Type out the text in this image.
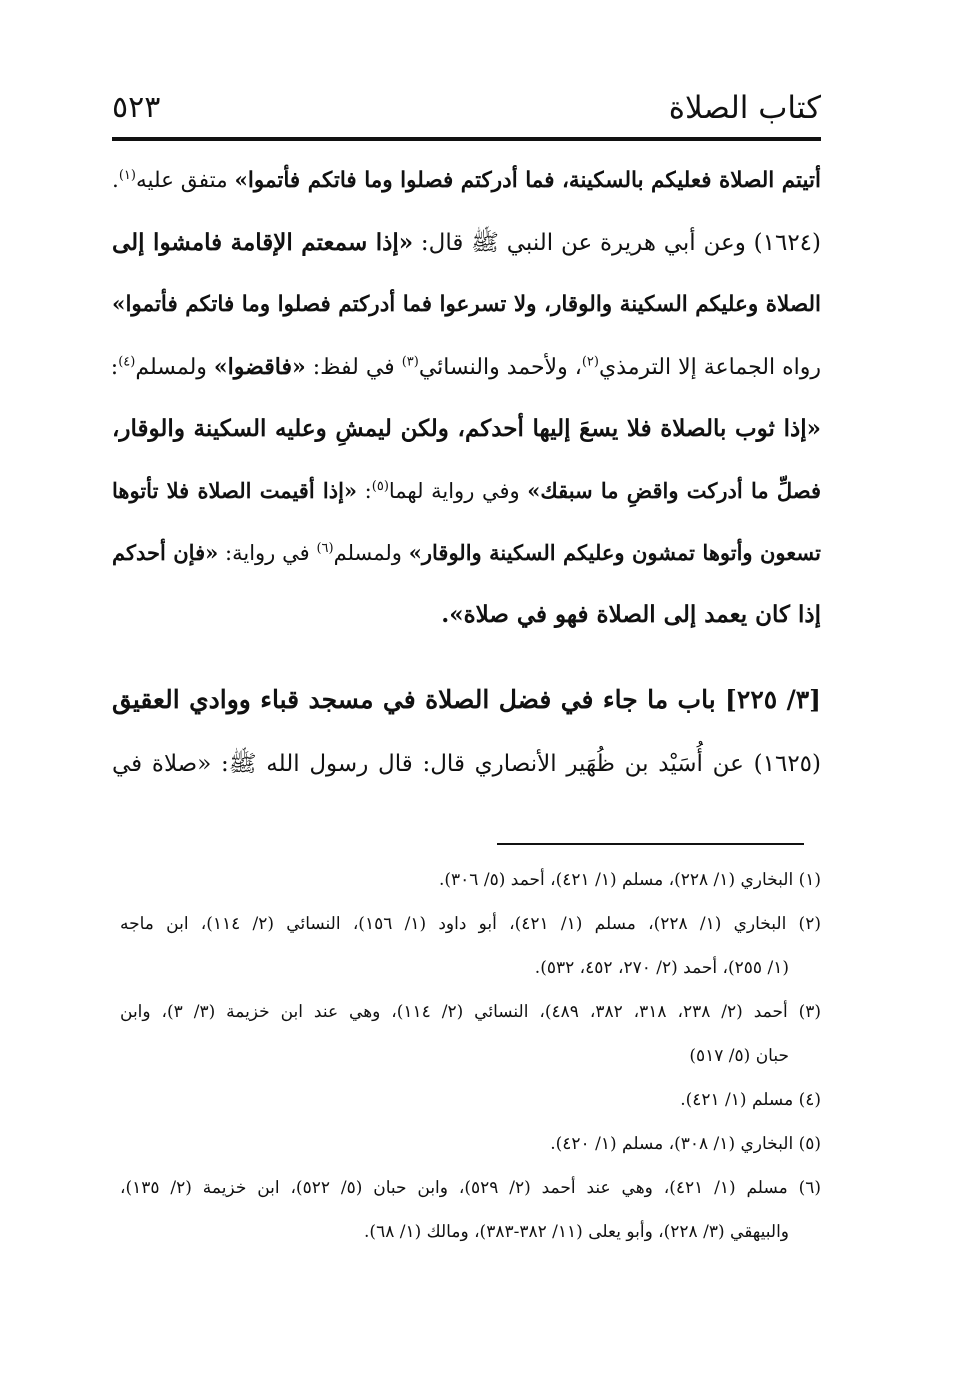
كتاب الصلاة
٥٢٣
أتيتم الصلاة فعليكم بالسكينة، فما أدركتم فصلوا وما فاتكم فأتموا» متفق عليه$^{(١)}$.
(١٦٢٤) وعن أبي هريرة عن النبي ﷺ قال: «إذا سمعتم الإقامة فامشوا إلى
الصلاة وعليكم السكينة والوقار، ولا تسرعوا فما أدركتم فصلوا وما فاتكم فأتموا»
رواه الجماعة إلا الترمذي$^{(٢)}$، ولأحمد والنسائي$^{(٣)}$ في لفظ: «فاقضوا» ولمسلم$^{(٤)}$:
«إذا ثوب بالصلاة فلا يسعَ إليها أحدكم، ولكن ليمشِ وعليه السكينة والوقار،
فصلِّ ما أدركت واقضِ ما سبقك» وفي رواية لهما$^{(٥)}$: «إذا أقيمت الصلاة فلا تأتوها
تسعون وأتوها تمشون وعليكم السكينة والوقار» ولمسلم$^{(٦)}$ في رواية: «فإن أحدكم
إذا كان يعمد إلى الصلاة فهو في صلاة».
[٣/ ٢٢٥] باب ما جاء في فضل الصلاة في مسجد قباء ووادي العقيق
(١٦٢٥) عن أُسَيْد بن ظُهَير الأنصاري قال: قال رسول الله ﷺ: «صلاة في
(١) البخاري (١/ ٢٢٨)، مسلم (١/ ٤٢١)، أحمد (٥/ ٣٠٦).
(٢) البخاري (١/ ٢٢٨)، مسلم (١/ ٤٢١)، أبو داود (١/ ١٥٦)، النسائي (٢/ ١١٤)، ابن ماجه
(١/ ٢٥٥)، أحمد (٢/ ٢٧٠، ٤٥٢، ٥٣٢).
(٣) أحمد (٢/ ٢٣٨، ٣١٨، ٣٨٢، ٤٨٩)، النسائي (٢/ ١١٤)، وهي عند ابن خزيمة (٣/ ٣)، وابن
حبان (٥/ ٥١٧)
(٤) مسلم (١/ ٤٢١).
(٥) البخاري (١/ ٣٠٨)، مسلم (١/ ٤٢٠).
(٦) مسلم (١/ ٤٢١)، وهي عند أحمد (٢/ ٥٢٩)، وابن حبان (٥/ ٥٢٢)، ابن خزيمة (٢/ ١٣٥)،
والبيهقي (٣/ ٢٢٨)، وأبو يعلى (١١/ ٣٨٢-٣٨٣)، ومالك (١/ ٦٨).
